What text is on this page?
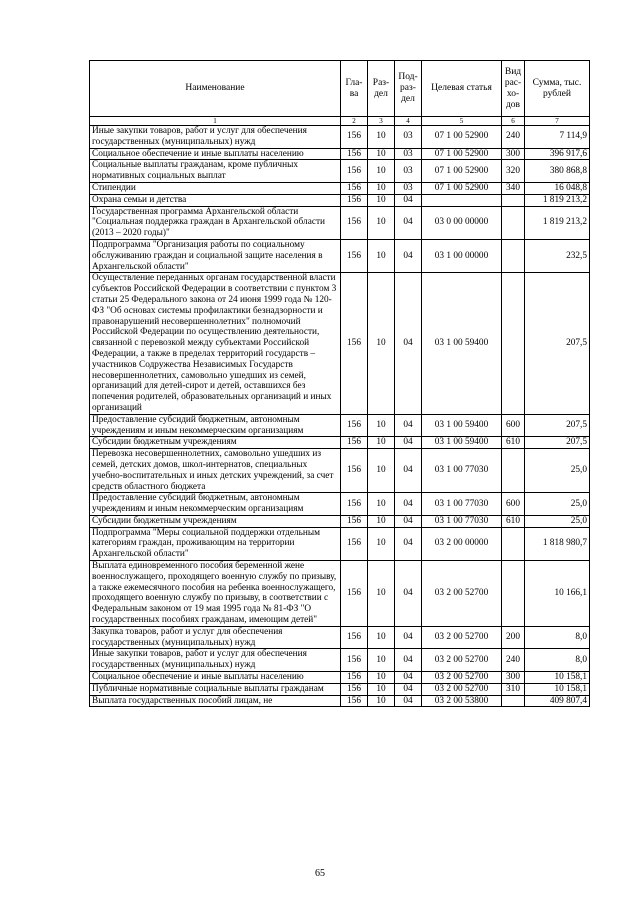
Наименование	Гла-ва	Раз-дел	Под-раз-дел	Целевая статья	Вид рас-хо-дов	Сумма, тыс. рублей
1	2	3	4	5	6	7
Иные закупки товаров, работ и услуг для обеспечения государственных (муниципальных) нужд	156	10	03	07 1 00 52900	240	7 114,9
Социальное обеспечение и иные выплаты населению	156	10	03	07 1 00 52900	300	396 917,6
Социальные выплаты гражданам, кроме публичных нормативных социальных выплат	156	10	03	07 1 00 52900	320	380 868,8
Стипендии	156	10	03	07 1 00 52900	340	16 048,8
Охрана семьи и детства	156	10	04			1 819 213,2
Государственная программа Архангельской области "Социальная поддержка граждан в Архангельской области (2013 – 2020 годы)"	156	10	04	03 0 00 00000		1 819 213,2
Подпрограмма "Организация работы по социальному обслуживанию граждан и социальной защите населения в Архангельской области"	156	10	04	03 1 00 00000		232,5
Осуществление переданных органам государственной власти субъектов Российской Федерации в соответствии с пунктом 3 статьи 25 Федерального закона от 24 июня 1999 года № 120-ФЗ "Об основах системы профилактики безнадзорности и правонарушений несовершеннолетних" полномочий Российской Федерации по осуществлению деятельности, связанной с перевозкой между субъектами Российской Федерации, а также в пределах территорий государств – участников Содружества Независимых Государств несовершеннолетних, самовольно ушедших из семей, организаций для детей-сирот и детей, оставшихся без попечения родителей, образовательных организаций и иных организаций	156	10	04	03 1 00 59400		207,5
Предоставление субсидий бюджетным, автономным учреждениям и иным некоммерческим организациям	156	10	04	03 1 00 59400	600	207,5
Субсидии бюджетным учреждениям	156	10	04	03 1 00 59400	610	207,5
Перевозка несовершеннолетних, самовольно ушедших из семей, детских домов, школ-интернатов, специальных учебно-воспитательных и иных детских учреждений, за счет средств областного бюджета	156	10	04	03 1 00 77030		25,0
Предоставление субсидий бюджетным, автономным учреждениям и иным некоммерческим организациям	156	10	04	03 1 00 77030	600	25,0
Субсидии бюджетным учреждениям	156	10	04	03 1 00 77030	610	25,0
Подпрограмма "Меры социальной поддержки отдельным категориям граждан, проживающим на территории Архангельской области"	156	10	04	03 2 00 00000		1 818 980,7
Выплата единовременного пособия беременной жене военнослужащего, проходящего военную службу по призыву, а также ежемесячного пособия на ребенка военнослужащего, проходящего военную службу по призыву, в соответствии с Федеральным законом от 19 мая 1995 года № 81-ФЗ "О государственных пособиях гражданам, имеющим детей"	156	10	04	03 2 00 52700		10 166,1
Закупка товаров, работ и услуг для обеспечения государственных (муниципальных) нужд	156	10	04	03 2 00 52700	200	8,0
Иные закупки товаров, работ и услуг для обеспечения государственных (муниципальных) нужд	156	10	04	03 2 00 52700	240	8,0
Социальное обеспечение и иные выплаты населению	156	10	04	03 2 00 52700	300	10 158,1
Публичные нормативные социальные выплаты гражданам	156	10	04	03 2 00 52700	310	10 158,1
Выплата государственных пособий лицам, не	156	10	04	03 2 00 53800		409 807,4
65
